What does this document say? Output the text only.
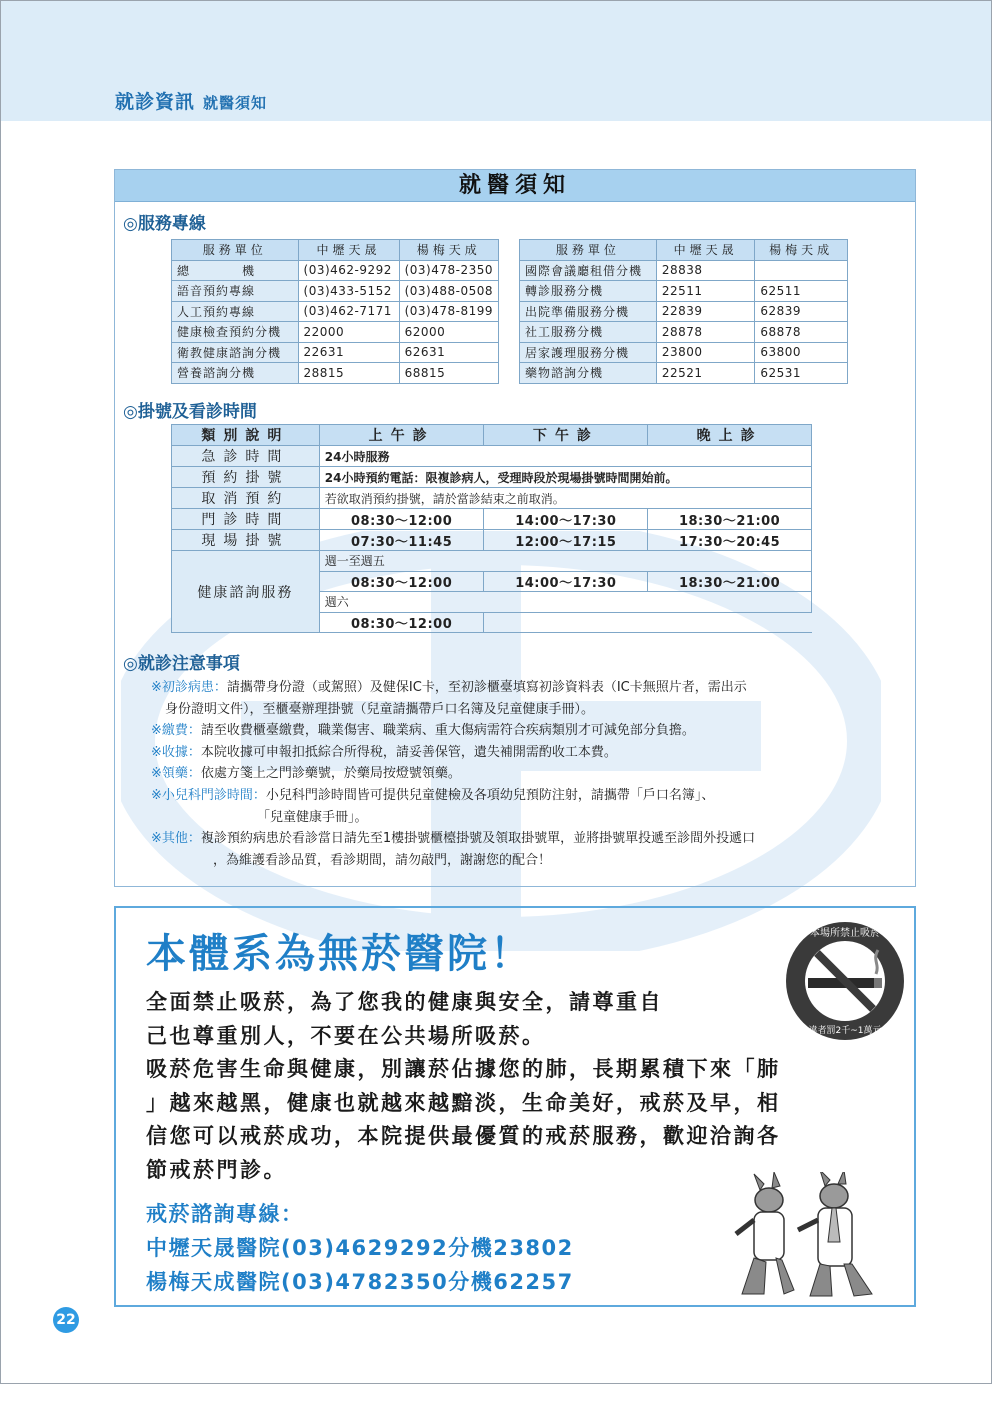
就診資訊 就醫須知
就醫須知
◎服務專線
服務單位	中壢天晟	楊梅天成
總　　　　機	(03)462-9292	(03)478-2350
語音預約專線	(03)433-5152	(03)488-0508
人工預約專線	(03)462-7171	(03)478-8199
健康檢查預約分機	22000	62000
衛教健康諮詢分機	22631	62631
營養諮詢分機	28815	68815
服務單位	中壢天晟	楊梅天成
國際會議廳租借分機	28838	
轉診服務分機	22511	62511
出院準備服務分機	22839	62839
社工服務分機	28878	68878
居家護理服務分機	23800	63800
藥物諮詢分機	22521	62531
◎掛號及看診時間
類別說明	上午診	下午診	晚上診
急診時間	24小時服務		
預約掛號	24小時預約電話：限複診病人，受理時段於現場掛號時間開始前。		
取消預約	若欲取消預約掛號，請於當診結束之前取消。		
門診時間	08:30～12:00	14:00～17:30	18:30～21:00
現場掛號	07:30～11:45	12:00～17:15	17:30～20:45
健康諮詢服務	週一至週五		
	08:30～12:00	14:00～17:30	18:30～21:00
	週六		
	08:30～12:00		
◎就診注意事項
※初診病患：請攜帶身份證（或駕照）及健保IC卡，至初診櫃臺填寫初診資料表（IC卡無照片者，需出示
身份證明文件），至櫃臺辦理掛號（兒童請攜帶戶口名簿及兒童健康手冊）。
※繳費：請至收費櫃臺繳費，職業傷害、職業病、重大傷病需符合疾病類別才可減免部分負擔。
※收據：本院收據可申報扣抵綜合所得稅，請妥善保管，遺失補開需酌收工本費。
※領藥：依處方箋上之門診藥號，於藥局按燈號領藥。
※小兒科門診時間：小兒科門診時間皆可提供兒童健檢及各項幼兒預防注射，請攜帶「戶口名簿」、
「兒童健康手冊」。
※其他：複診預約病患於看診當日請先至1樓掛號櫃檯掛號及領取掛號單，並將掛號單投遞至診間外投遞口
，為維護看診品質，看診期間，請勿敲門，謝謝您的配合！
本體系為無菸醫院！	本場所禁止吸菸
違者罰2千~1萬元
全面禁止吸菸，為了您我的健康與安全，請尊重自
己也尊重別人，不要在公共場所吸菸。
吸菸危害生命與健康，別讓菸佔據您的肺，長期累積下來「肺
」越來越黑，健康也就越來越黯淡，生命美好，戒菸及早，相
信您可以戒菸成功，本院提供最優質的戒菸服務，歡迎洽詢各
節戒菸門診。
戒菸諮詢專線：
中壢天晟醫院(03)4629292分機23802
楊梅天成醫院(03)4782350分機62257
22
